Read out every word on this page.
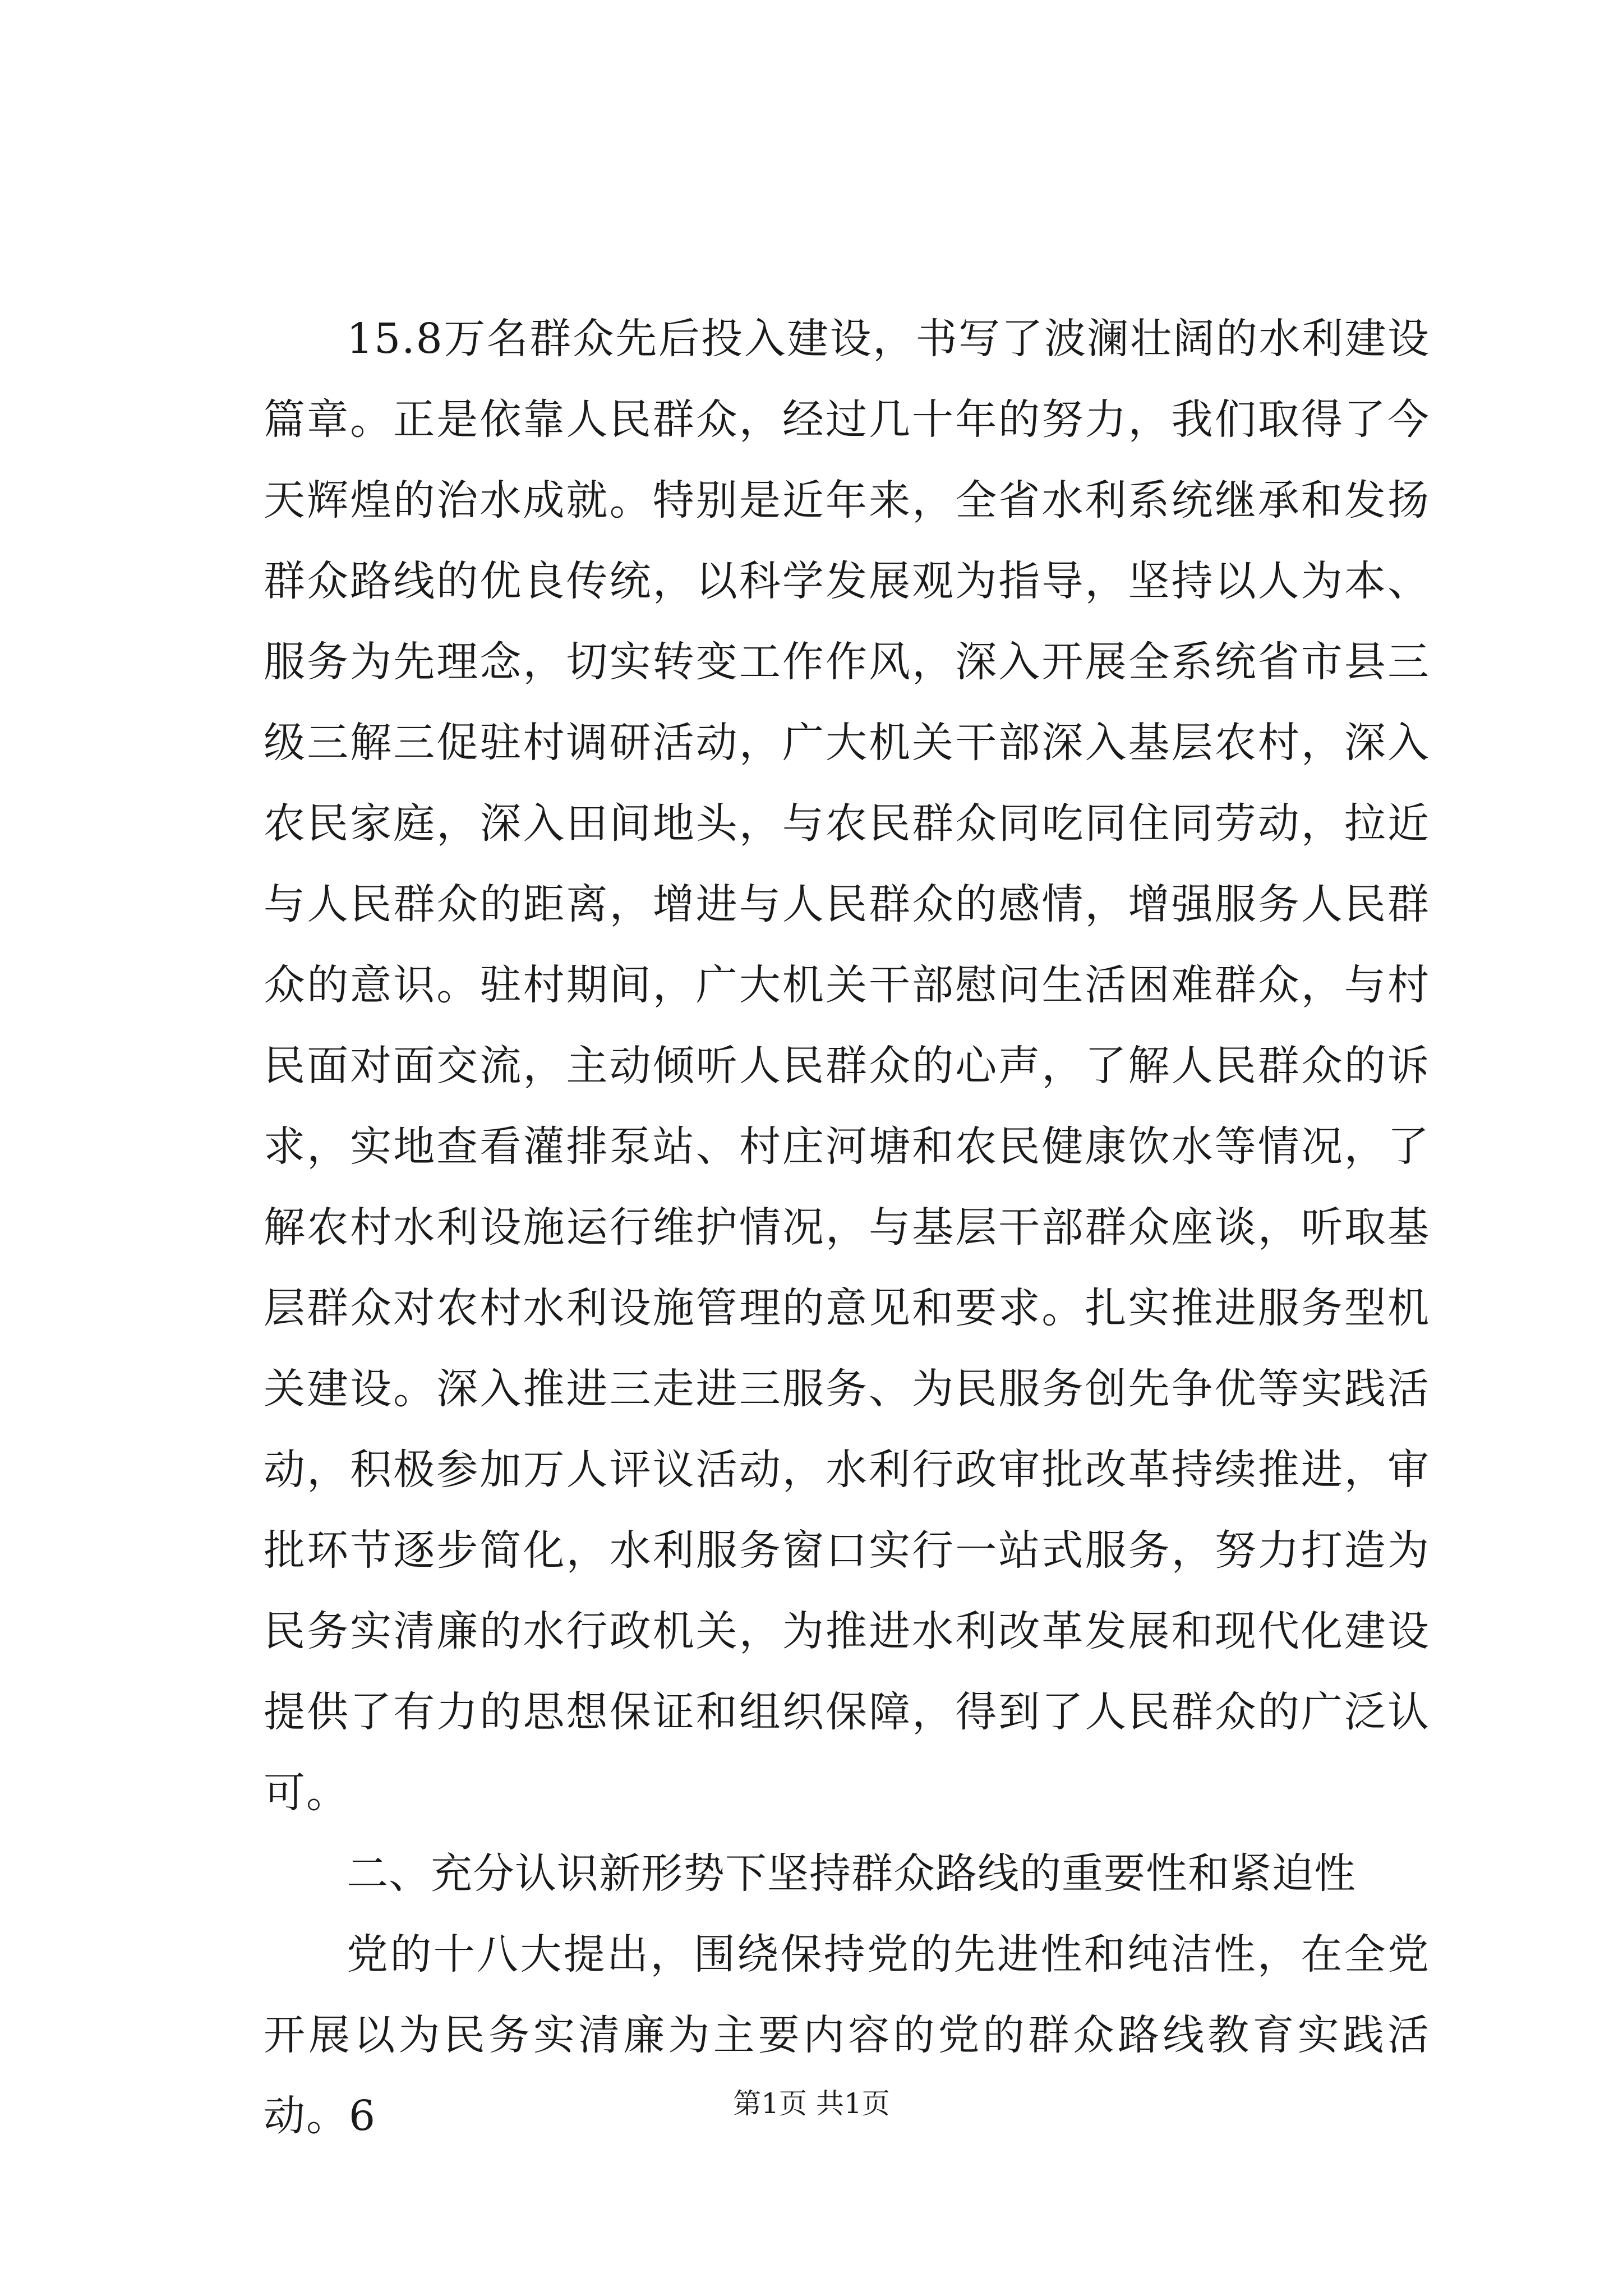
15.8万名群众先后投入建设，书写了波澜壮阔的水利建设篇章。正是依靠人民群众，经过几十年的努力，我们取得了今天辉煌的治水成就。特别是近年来，全省水利系统继承和发扬群众路线的优良传统，以科学发展观为指导，坚持以人为本、服务为先理念，切实转变工作作风，深入开展全系统省市县三级三解三促驻村调研活动，广大机关干部深入基层农村，深入农民家庭，深入田间地头，与农民群众同吃同住同劳动，拉近与人民群众的距离，增进与人民群众的感情，增强服务人民群众的意识。驻村期间，广大机关干部慰问生活困难群众，与村民面对面交流，主动倾听人民群众的心声，了解人民群众的诉求，实地查看灌排泵站、村庄河塘和农民健康饮水等情况，了解农村水利设施运行维护情况，与基层干部群众座谈，听取基层群众对农村水利设施管理的意见和要求。扎实推进服务型机关建设。深入推进三走进三服务、为民服务创先争优等实践活动，积极参加万人评议活动，水利行政审批改革持续推进，审批环节逐步简化，水利服务窗口实行一站式服务，努力打造为民务实清廉的水行政机关，为推进水利改革发展和现代化建设提供了有力的思想保证和组织保障，得到了人民群众的广泛认可。

二、充分认识新形势下坚持群众路线的重要性和紧迫性

党的十八大提出，围绕保持党的先进性和纯洁性，在全党开展以为民务实清廉为主要内容的党的群众路线教育实践活动。6	第1页 共1页
